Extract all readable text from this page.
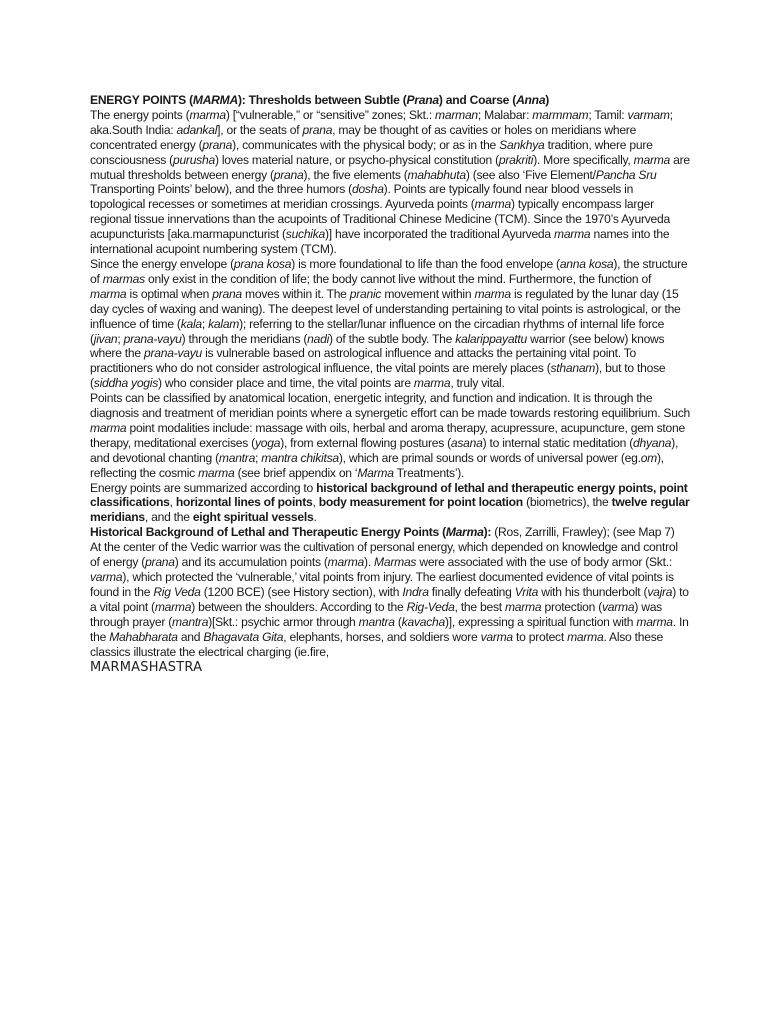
ENERGY POINTS (MARMA): Thresholds between Subtle (Prana) and Coarse (Anna)

The energy points (marma) [“vulnerable,” or “sensitive” zones; Skt.: marman; Malabar: marmmam; Tamil: varmam; aka.South India: adankal], or the seats of prana, may be thought of as cavities or holes on meridians where concentrated energy (prana), communicates with the physical body; or as in the Sankhya tradition, where pure consciousness (purusha) loves material nature, or psycho-physical constitution (prakriti). More specifically, marma are mutual thresholds between energy (prana), the five elements (mahabhuta) (see also ‘Five Element/Pancha Sru Transporting Points’ below), and the three humors (dosha). Points are typically found near blood vessels in topological recesses or sometimes at meridian crossings. Ayurveda points (marma) typically encompass larger regional tissue innervations than the acupoints of Traditional Chinese Medicine (TCM). Since the 1970’s Ayurveda acupuncturists [aka.marmapuncturist (suchika)] have incorporated the traditional Ayurveda marma names into the international acupoint numbering system (TCM).

Since the energy envelope (prana kosa) is more foundational to life than the food envelope (anna kosa), the structure of marmas only exist in the condition of life; the body cannot live without the mind. Furthermore, the function of marma is optimal when prana moves within it. The pranic movement within marma is regulated by the lunar day (15 day cycles of waxing and waning). The deepest level of understanding pertaining to vital points is astrological, or the influence of time (kala; kalam); referring to the stellar/lunar influence on the circadian rhythms of internal life force (jivan; prana-vayu) through the meridians (nadi) of the subtle body. The kalarippayattu warrior (see below) knows where the prana-vayu is vulnerable based on astrological influence and attacks the pertaining vital point. To practitioners who do not consider astrological influence, the vital points are merely places (sthanam), but to those (siddha yogis) who consider place and time, the vital points are marma, truly vital.

Points can be classified by anatomical location, energetic integrity, and function and indication. It is through the diagnosis and treatment of meridian points where a synergetic effort can be made towards restoring equilibrium. Such marma point modalities include: massage with oils, herbal and aroma therapy, acupressure, acupuncture, gem stone therapy, meditational exercises (yoga), from external flowing postures (asana) to internal static meditation (dhyana), and devotional chanting (mantra; mantra chikitsa), which are primal sounds or words of universal power (eg.om), reflecting the cosmic marma (see brief appendix on ‘Marma Treatments’).

Energy points are summarized according to historical background of lethal and therapeutic energy points, point classifications, horizontal lines of points, body measurement for point location (biometrics), the twelve regular meridians, and the eight spiritual vessels.

Historical Background of Lethal and Therapeutic Energy Points (Marma): (Ros, Zarrilli, Frawley); (see Map 7)

At the center of the Vedic warrior was the cultivation of personal energy, which depended on knowledge and control of energy (prana) and its accumulation points (marma). Marmas were associated with the use of body armor (Skt.: varma), which protected the ‘vulnerable,’ vital points from injury. The earliest documented evidence of vital points is found in the Rig Veda (1200 BCE) (see History section), with Indra finally defeating Vrita with his thunderbolt (vajra) to a vital point (marma) between the shoulders. According to the Rig-Veda, the best marma protection (varma) was through prayer (mantra)[Skt.: psychic armor through mantra (kavacha)], expressing a spiritual function with marma. In the Mahabharata and Bhagavata Gita, elephants, horses, and soldiers wore varma to protect marma. Also these classics illustrate the electrical charging (ie.fire,

MARMASHASTRA
